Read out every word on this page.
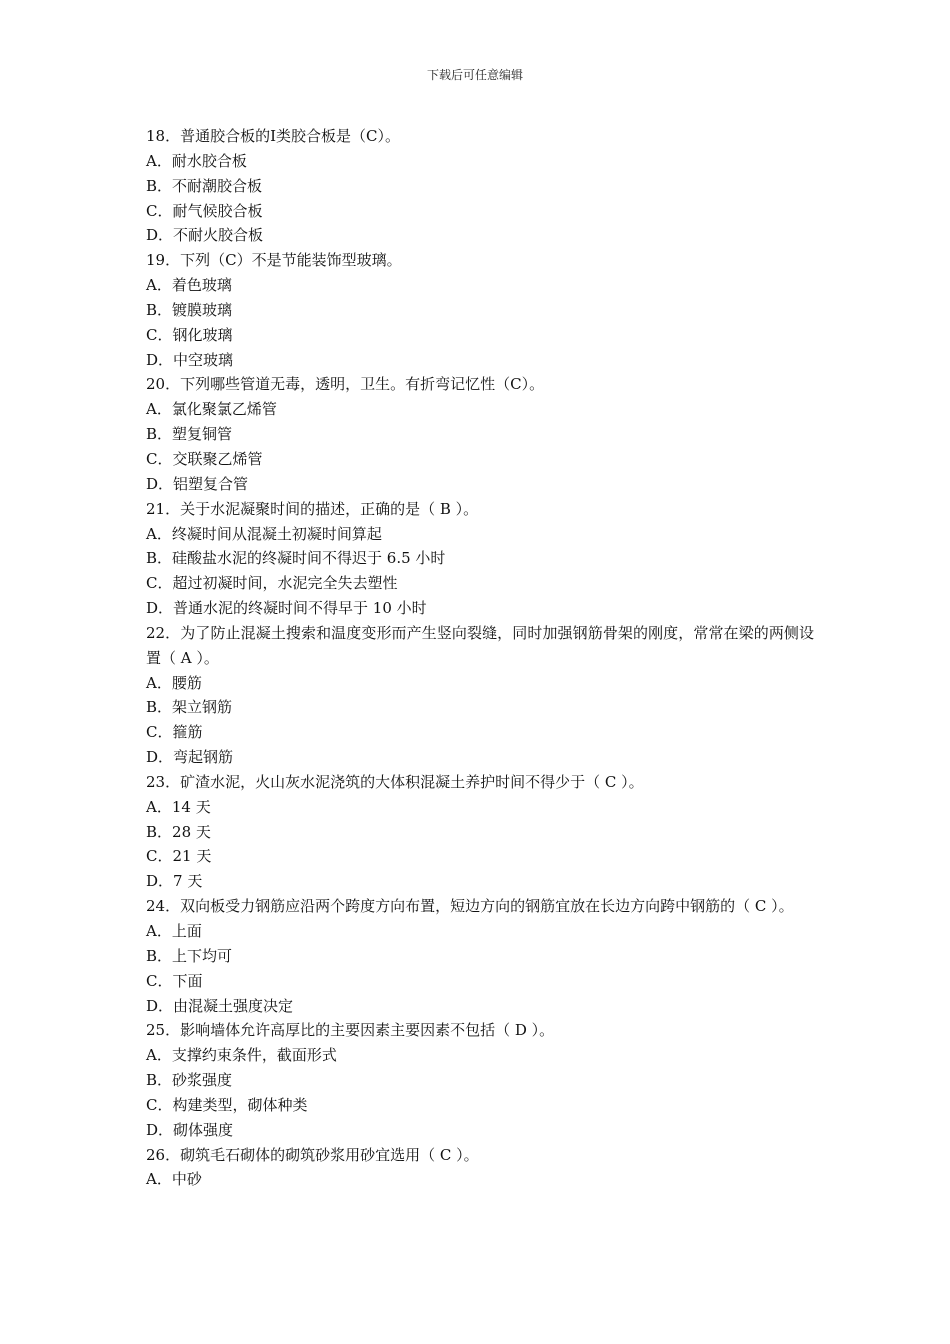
下载后可任意编辑
18．普通胶合板的Ⅰ类胶合板是（C）。
A．耐水胶合板
B．不耐潮胶合板
C．耐气候胶合板
D．不耐火胶合板
19．下列（C）不是节能装饰型玻璃。
A．着色玻璃
B．镀膜玻璃
C．钢化玻璃
D．中空玻璃
20．下列哪些管道无毒，透明，卫生。有折弯记忆性（C）。
A．氯化聚氯乙烯管
B．塑复铜管
C．交联聚乙烯管
D．铝塑复合管
21．关于水泥凝聚时间的描述，正确的是（ B ）。
A．终凝时间从混凝土初凝时间算起
B．硅酸盐水泥的终凝时间不得迟于 6.5 小时
C．超过初凝时间，水泥完全失去塑性
D．普通水泥的终凝时间不得早于 10 小时
22．为了防止混凝土搜索和温度变形而产生竖向裂缝，同时加强钢筋骨架的刚度，常常在梁的两侧设置（ A ）。
A．腰筋
B．架立钢筋
C．箍筋
D．弯起钢筋
23．矿渣水泥，火山灰水泥浇筑的大体积混凝土养护时间不得少于（ C ）。
A．14 天
B．28 天
C．21 天
D．7 天
24．双向板受力钢筋应沿两个跨度方向布置，短边方向的钢筋宜放在长边方向跨中钢筋的（ C ）。
A．上面
B．上下均可
C．下面
D．由混凝土强度决定
25．影响墙体允许高厚比的主要因素主要因素不包括（ D ）。
A．支撑约束条件，截面形式
B．砂浆强度
C．构建类型，砌体种类
D．砌体强度
26．砌筑毛石砌体的砌筑砂浆用砂宜选用（ C ）。
A．中砂
